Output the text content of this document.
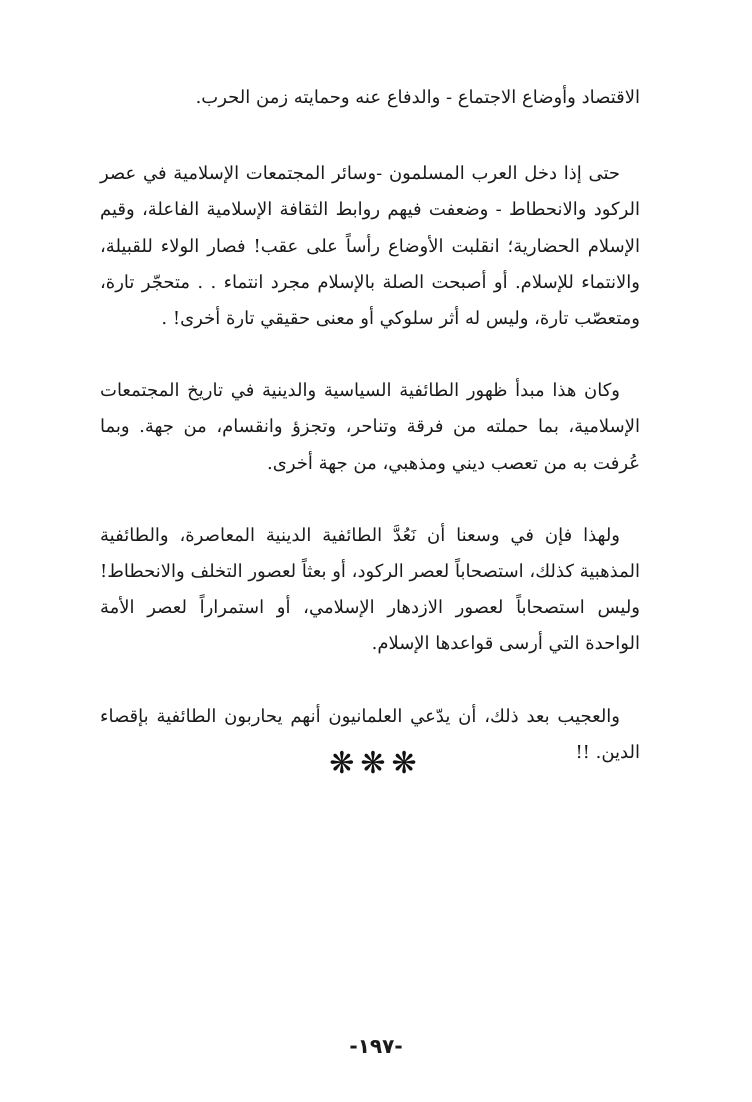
الاقتصاد وأوضاع الاجتماع - والدفاع عنه وحمايته زمن الحرب.

حتى إذا دخل العرب المسلمون -وسائر المجتمعات الإسلامية في عصر الركود والانحطاط - وضعفت فيهم روابط الثقافة الإسلامية الفاعلة، وقيم الإسلام الحضارية؛ انقلبت الأوضاع رأساً على عقب! فصار الولاء للقبيلة، والانتماء للإسلام. أو أصبحت الصلة بالإسلام مجرد انتماء . . متحجّر تارة، ومتعصّب تارة، وليس له أثر سلوكي أو معنى حقيقي تارة أخرى! .

وكان هذا مبدأ ظهور الطائفية السياسية والدينية في تاريخ المجتمعات الإسلامية، بما حملته من فرقة وتناحر، وتجزؤ وانقسام، من جهة. وبما عُرفت به من تعصب ديني ومذهبي، من جهة أخرى.

ولهذا فإن في وسعنا أن نَعُدَّ الطائفية الدينية المعاصرة، والطائفية المذهبية كذلك، استصحاباً لعصر الركود، أو بعثاً لعصور التخلف والانحطاط! وليس استصحاباً لعصور الازدهار الإسلامي، أو استمراراً لعصر الأمة الواحدة التي أرسى قواعدها الإسلام.

والعجيب بعد ذلك، أن يدّعي العلمانيون أنهم يحاربون الطائفية بإقصاء الدين. !!

❋❋❋
-١٩٧-
